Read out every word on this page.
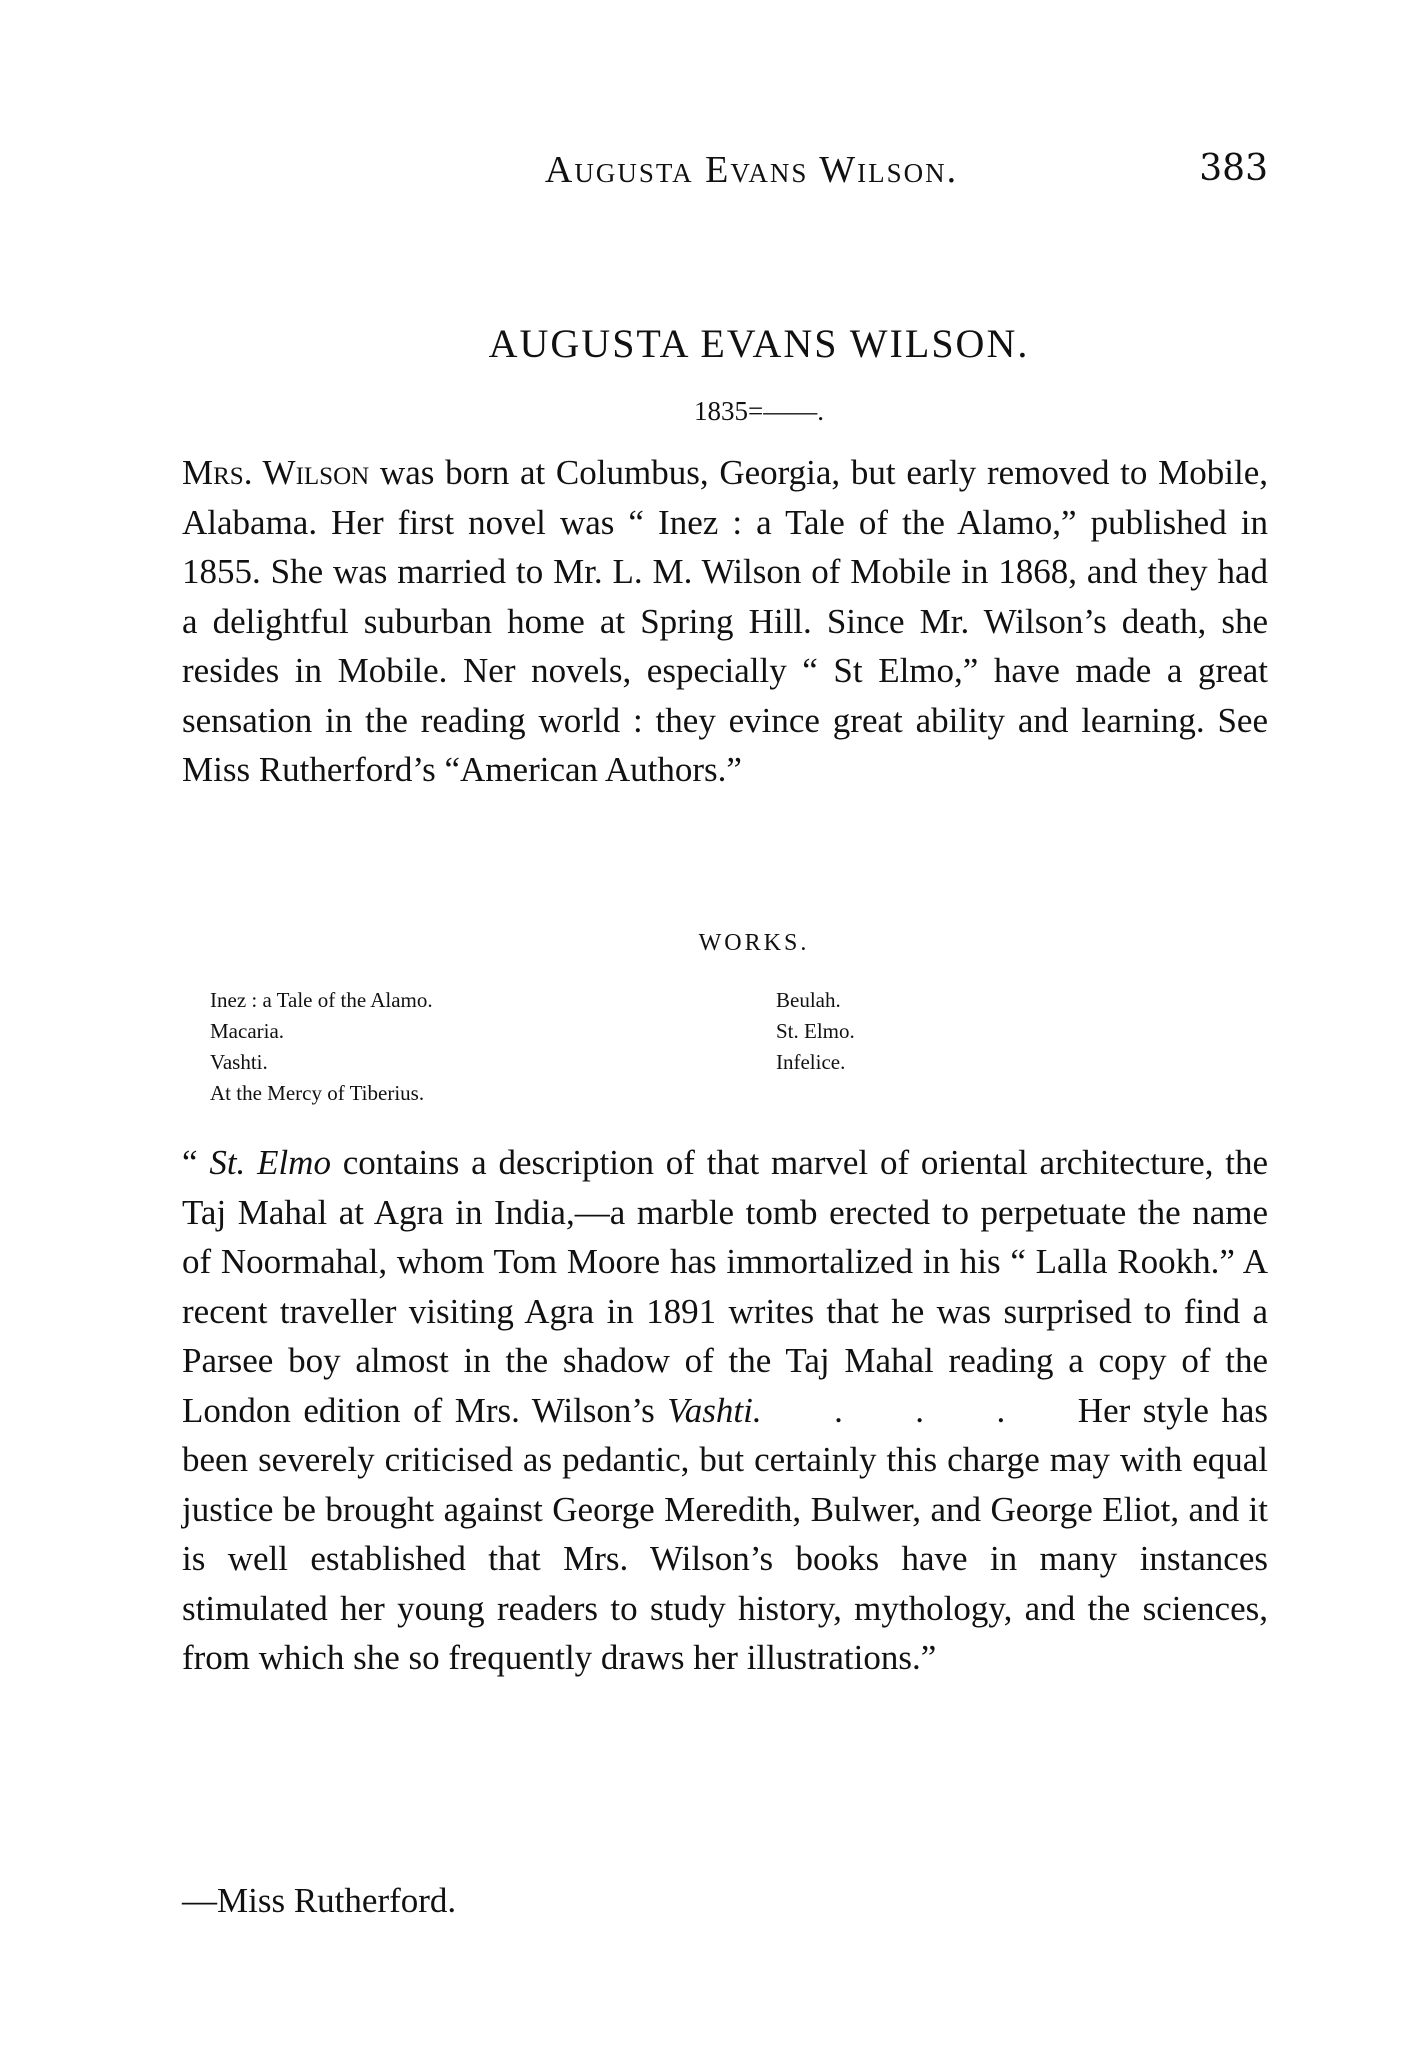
Augusta Evans Wilson.	383
AUGUSTA EVANS WILSON.
1835=——.
Mrs. Wilson was born at Columbus, Georgia, but early removed to Mobile, Alabama. Her first novel was “ Inez : a Tale of the Alamo,” published in 1855. She was married to Mr. L. M. Wilson of Mobile in 1868, and they had a delightful suburban home at Spring Hill. Since Mr. Wilson’s death, she resides in Mobile. Ner novels, especially “ St Elmo,” have made a great sensation in the reading world : they evince great ability and learning. See Miss Rutherford’s “American Authors.”
WORKS.
Inez : a Tale of the Alamo.
Macaria.
Vashti.
At the Mercy of Tiberius.
Beulah.
St. Elmo.
Infelice.
“ St. Elmo contains a description of that marvel of oriental architecture, the Taj Mahal at Agra in India,—a marble tomb erected to perpetuate the name of Noormahal, whom Tom Moore has immortalized in his “ Lalla Rookh.” A recent traveller visiting Agra in 1891 writes that he was surprised to find a Parsee boy almost in the shadow of the Taj Mahal reading a copy of the London edition of Mrs. Wilson’s Vashti. . . . Her style has been severely criticised as pedantic, but certainly this charge may with equal justice be brought against George Meredith, Bulwer, and George Eliot, and it is well established that Mrs. Wilson’s books have in many instances stimulated her young readers to study history, mythology, and the sciences, from which she so frequently draws her illustrations.”
—Miss Rutherford.
